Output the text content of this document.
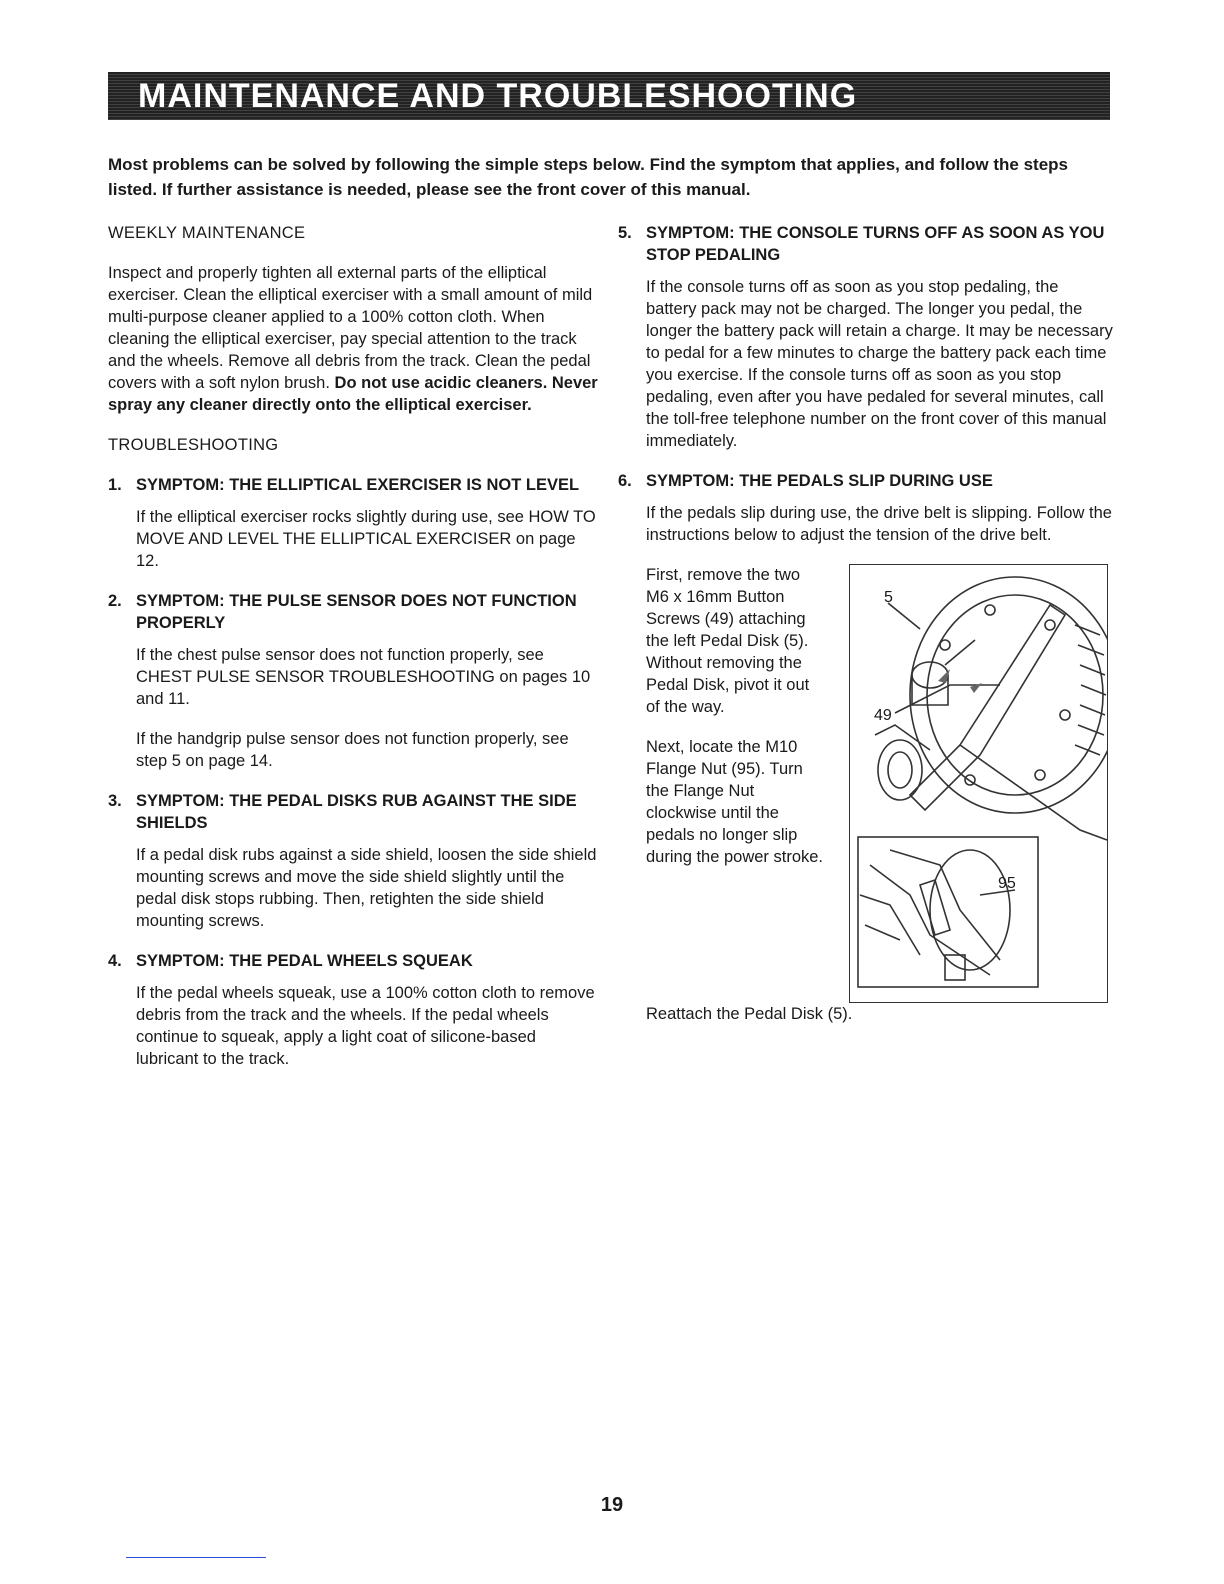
MAINTENANCE AND TROUBLESHOOTING

Most problems can be solved by following the simple steps below. Find the symptom that applies, and follow the steps listed. If further assistance is needed, please see the front cover of this manual.

WEEKLY MAINTENANCE

Inspect and properly tighten all external parts of the elliptical exerciser. Clean the elliptical exerciser with a small amount of mild multi-purpose cleaner applied to a 100% cotton cloth. When cleaning the elliptical exerciser, pay special attention to the track and the wheels. Remove all debris from the track. Clean the pedal covers with a soft nylon brush. Do not use acidic cleaners. Never spray any cleaner directly onto the elliptical exerciser.

TROUBLESHOOTING
1. SYMPTOM: THE ELLIPTICAL EXERCISER IS NOT LEVEL

If the elliptical exerciser rocks slightly during use, see HOW TO MOVE AND LEVEL THE ELLIPTICAL EXERCISER on page 12.

2. SYMPTOM: THE PULSE SENSOR DOES NOT FUNCTION PROPERLY

If the chest pulse sensor does not function properly, see CHEST PULSE SENSOR TROUBLESHOOTING on pages 10 and 11.

If the handgrip pulse sensor does not function properly, see step 5 on page 14.

3. SYMPTOM: THE PEDAL DISKS RUB AGAINST THE SIDE SHIELDS

If a pedal disk rubs against a side shield, loosen the side shield mounting screws and move the side shield slightly until the pedal disk stops rubbing. Then, retighten the side shield mounting screws.

4. SYMPTOM: THE PEDAL WHEELS SQUEAK

If the pedal wheels squeak, use a 100% cotton cloth to remove debris from the track and the wheels. If the pedal wheels continue to squeak, apply a light coat of silicone-based lubricant to the track.

5. SYMPTOM: THE CONSOLE TURNS OFF AS SOON AS YOU STOP PEDALING

If the console turns off as soon as you stop pedaling, the battery pack may not be charged. The longer you pedal, the longer the battery pack will retain a charge. It may be necessary to pedal for a few minutes to charge the battery pack each time you exercise. If the console turns off as soon as you stop pedaling, even after you have pedaled for several minutes, call the toll-free telephone number on the front cover of this manual immediately.

6. SYMPTOM: THE PEDALS SLIP DURING USE

If the pedals slip during use, the drive belt is slipping. Follow the instructions below to adjust the tension of the drive belt.

First, remove the two M6 x 16mm Button Screws (49) attaching the left Pedal Disk (5). Without removing the Pedal Disk, pivot it out of the way.

Next, locate the M10 Flange Nut (95). Turn the Flange Nut clockwise until the pedals no longer slip during the power stroke.

5
49
95

Reattach the Pedal Disk (5).

19
